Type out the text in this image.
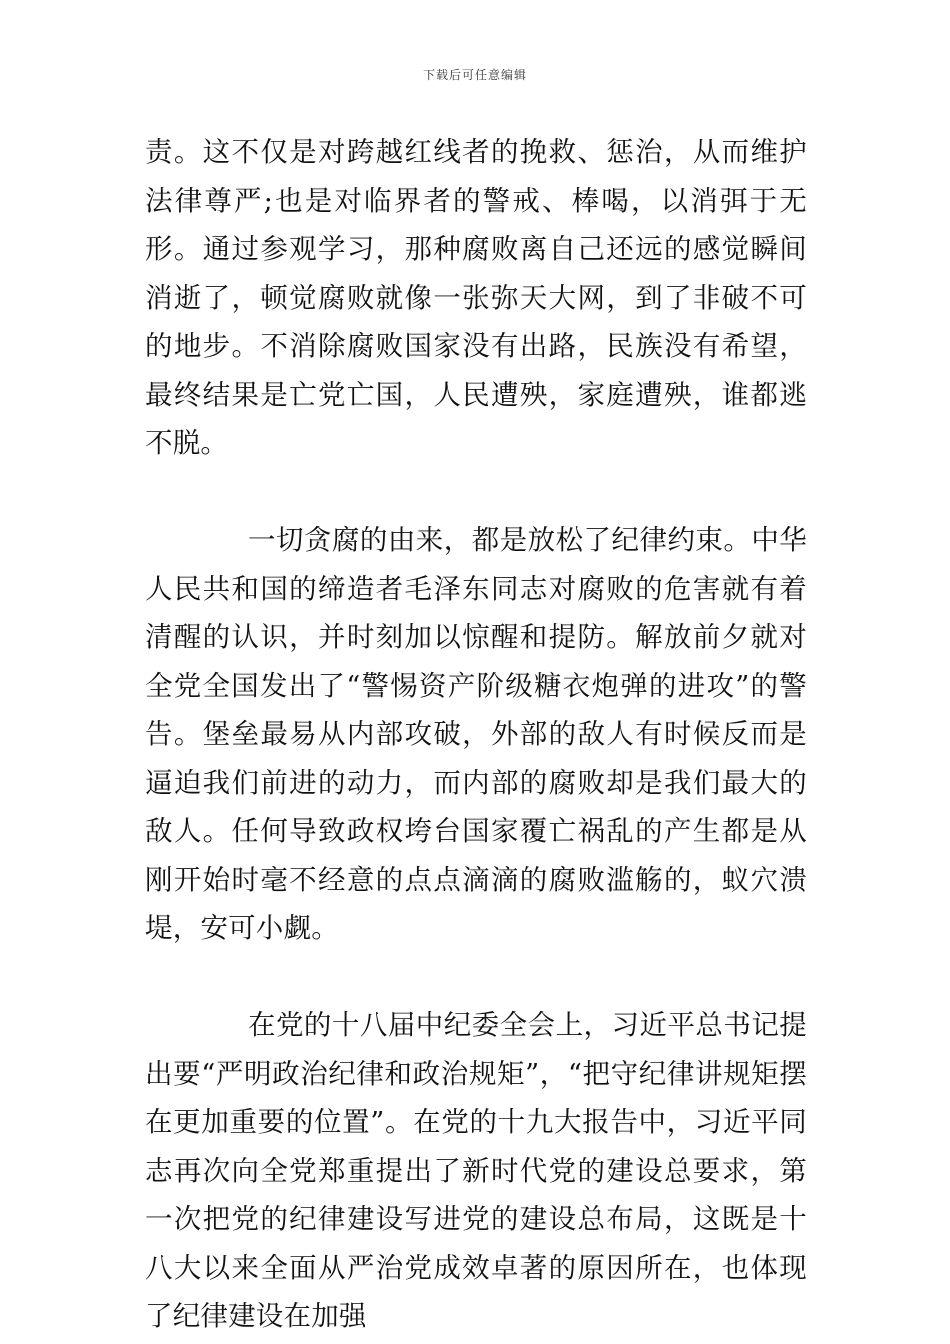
下载后可任意编辑

责。这不仅是对跨越红线者的挽救、惩治，从而维护法律尊严;也是对临界者的警戒、棒喝，以消弭于无形。通过参观学习，那种腐败离自己还远的感觉瞬间消逝了，顿觉腐败就像一张弥天大网，到了非破不可的地步。不消除腐败国家没有出路，民族没有希望，最终结果是亡党亡国，人民遭殃，家庭遭殃，谁都逃不脱。

一切贪腐的由来，都是放松了纪律约束。中华人民共和国的缔造者毛泽东同志对腐败的危害就有着清醒的认识，并时刻加以惊醒和提防。解放前夕就对全党全国发出了“警惕资产阶级糖衣炮弹的进攻”的警告。堡垒最易从内部攻破，外部的敌人有时候反而是逼迫我们前进的动力，而内部的腐败却是我们最大的敌人。任何导致政权垮台国家覆亡祸乱的产生都是从刚开始时毫不经意的点点滴滴的腐败滥觞的，蚁穴溃堤，安可小觑。

在党的十八届中纪委全会上，习近平总书记提出要“严明政治纪律和政治规矩”，“把守纪律讲规矩摆在更加重要的位置”。在党的十九大报告中，习近平同志再次向全党郑重提出了新时代党的建设总要求，第一次把党的纪律建设写进党的建设总布局，这既是十八大以来全面从严治党成效卓著的原因所在，也体现了纪律建设在加强
